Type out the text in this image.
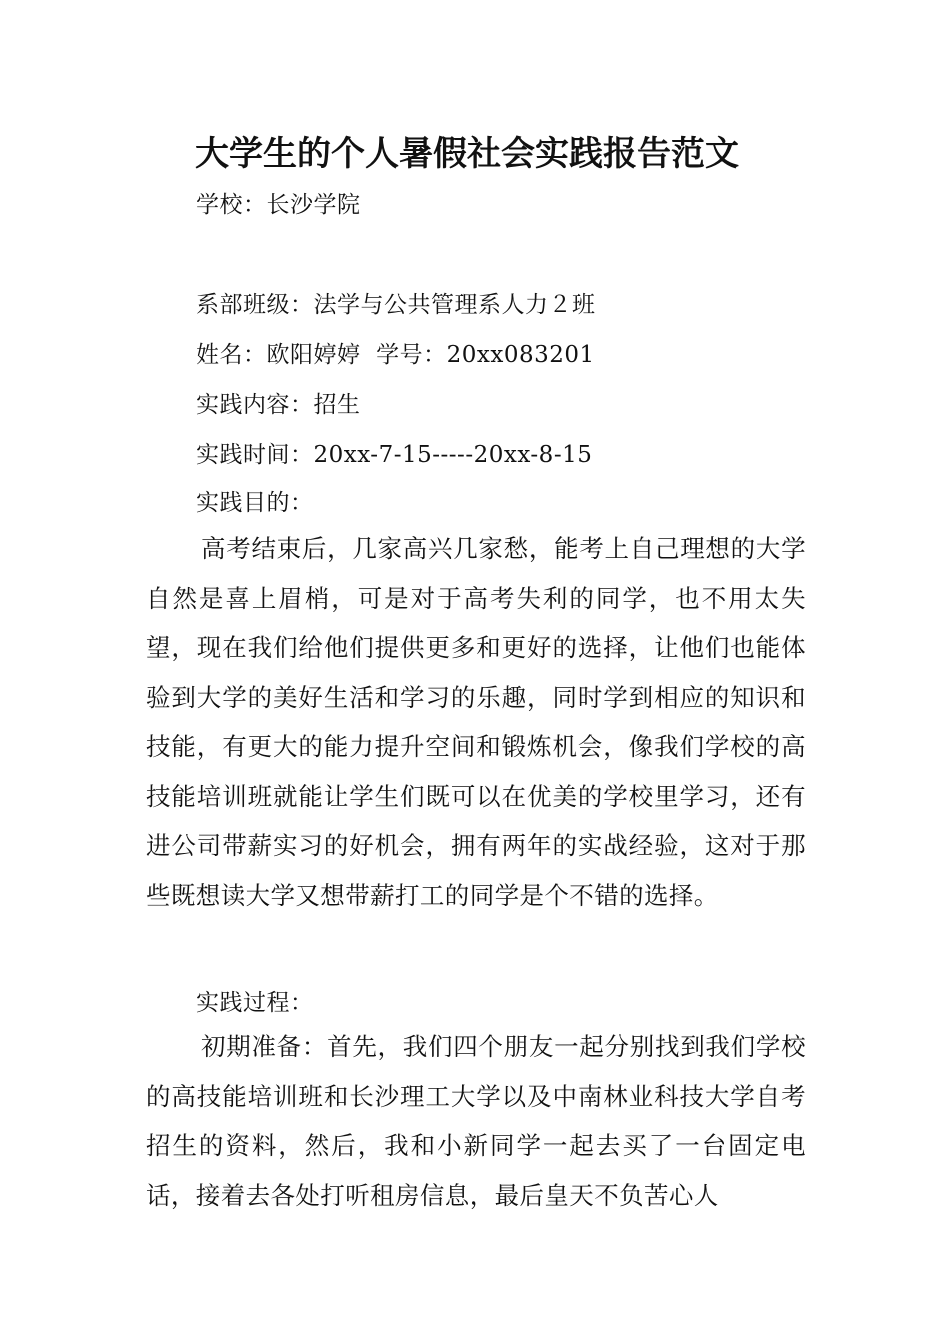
大学生的个人暑假社会实践报告范文
学校：长沙学院
系部班级：法学与公共管理系人力２班
姓名：欧阳婷婷  学号：20xx083201
实践内容：招生
实践时间：20xx-7-15-----20xx-8-15
实践目的：
高考结束后，几家高兴几家愁，能考上自己理想的大学自然是喜上眉梢，可是对于高考失利的同学，也不用太失望，现在我们给他们提供更多和更好的选择，让他们也能体验到大学的美好生活和学习的乐趣，同时学到相应的知识和技能，有更大的能力提升空间和锻炼机会，像我们学校的高技能培训班就能让学生们既可以在优美的学校里学习，还有进公司带薪实习的好机会，拥有两年的实战经验，这对于那些既想读大学又想带薪打工的同学是个不错的选择。
实践过程：
初期准备：首先，我们四个朋友一起分别找到我们学校的高技能培训班和长沙理工大学以及中南林业科技大学自考招生的资料，然后，我和小新同学一起去买了一台固定电话，接着去各处打听租房信息，最后皇天不负苦心人
